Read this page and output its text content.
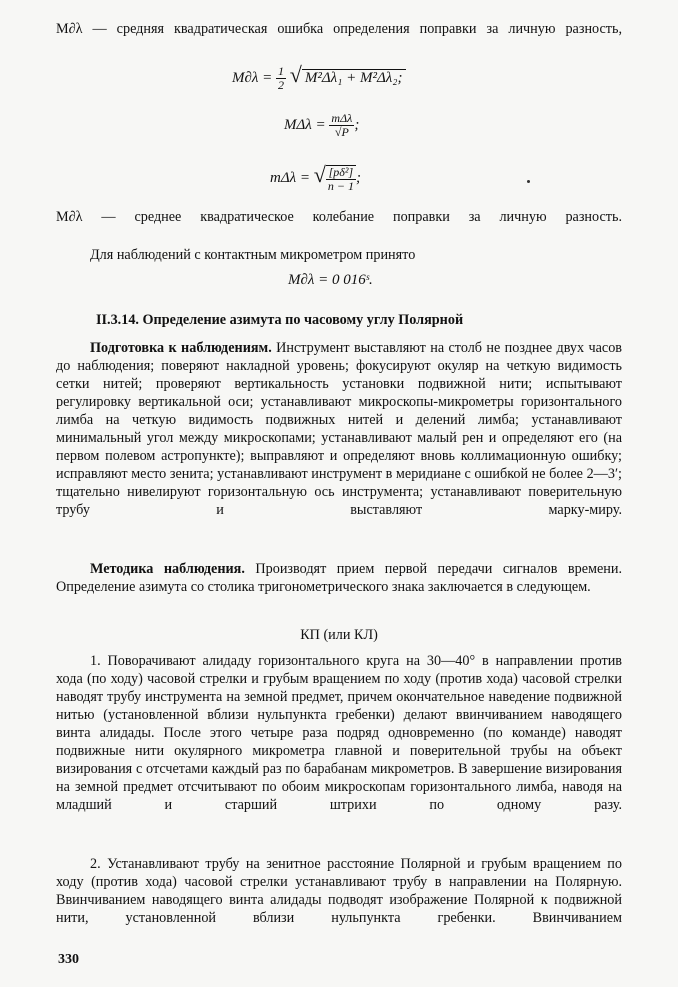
M∂λ — средняя квадратическая ошибка определения поправки за личную разность,
$M\partial\lambda = \frac{1}{2}$ √ M²Δλ₁ + M²Δλ₂;
$M\Delta\lambda = \frac{\text{mΔλ}}{√P}$ ;
mΔλ = √ $\frac{\text{[pδ²]}}{n - 1}$ ;
M∂λ — среднее квадратическое колебание поправки за личную разность.
Для наблюдений с контактным микрометром принято
M∂λ = 0 016ˢ.
II.3.14. Определение азимута по часовому углу Полярной
Подготовка к наблюдениям. Инструмент выставляют на столб не позднее двух часов до наблюдения; поверяют накладной уровень; фокусируют окуляр на четкую видимость сетки нитей; проверяют вертикальность установки подвижной нити; испытывают регулировку вертикальной оси; устанавливают микроскопы-микрометры горизонтального лимба на четкую видимость подвижных нитей и делений лимба; устанавливают минимальный угол между микроскопами; устанавливают малый рен и определяют его (на первом полевом астропункте); выправляют и определяют вновь коллимационную ошибку; исправляют место зенита; устанавливают инструмент в меридиане с ошибкой не более 2—3′; тщательно нивелируют горизонтальную ось инструмента; устанавливают поверительную трубу и выставляют марку-миру.
Методика наблюдения. Производят прием первой передачи сигналов времени. Определение азимута со столика тригонометрического знака заключается в следующем.
КП (или КЛ)
1. Поворачивают алидаду горизонтального круга на 30—40° в направлении против хода (по ходу) часовой стрелки и грубым вращением по ходу (против хода) часовой стрелки наводят трубу инструмента на земной предмет, причем окончательное наведение подвижной нитью (установленной вблизи нульпункта гребенки) делают ввинчиванием наводящего винта алидады. После этого четыре раза подряд одновременно (по команде) наводят подвижные нити окулярного микрометра главной и поверительной трубы на объект визирования с отсчетами каждый раз по барабанам микрометров. В завершение визирования на земной предмет отсчитывают по обоим микроскопам горизонтального лимба, наводя на младший и старший штрихи по одному разу.
2. Устанавливают трубу на зенитное расстояние Полярной и грубым вращением по ходу (против хода) часовой стрелки устанавливают трубу в направлении на Полярную. Ввинчиванием наводящего винта алидады подводят изображение Полярной к подвижной нити, установленной вблизи нульпункта гребенки. Ввинчиванием
330
